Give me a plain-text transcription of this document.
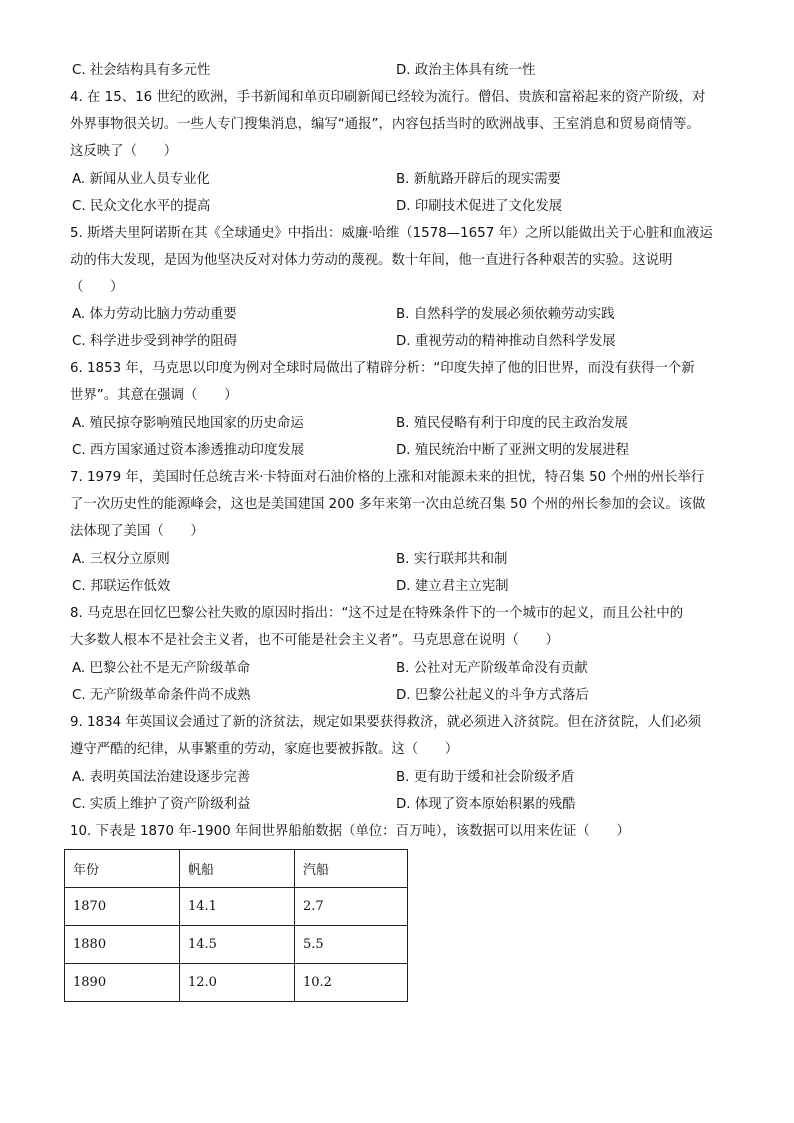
C. 社会结构具有多元性	D. 政治主体具有统一性
4. 在 15、16 世纪的欧洲，手书新闻和单页印刷新闻已经较为流行。僧侣、贵族和富裕起来的资产阶级，对
外界事物很关切。一些人专门搜集消息，编写“通报”，内容包括当时的欧洲战事、王室消息和贸易商情等。
这反映了（　　）
A. 新闻从业人员专业化	B. 新航路开辟后的现实需要
C. 民众文化水平的提高	D. 印刷技术促进了文化发展
5. 斯塔夫里阿诺斯在其《全球通史》中指出：威廉·哈维（1578—1657 年）之所以能做出关于心脏和血液运
动的伟大发现，是因为他坚决反对对体力劳动的蔑视。数十年间，他一直进行各种艰苦的实验。这说明
（　　）
A. 体力劳动比脑力劳动重要	B. 自然科学的发展必须依赖劳动实践
C. 科学进步受到神学的阻碍	D. 重视劳动的精神推动自然科学发展
6. 1853 年，马克思以印度为例对全球时局做出了精辟分析：“印度失掉了他的旧世界，而没有获得一个新
世界”。其意在强调（　　）
A. 殖民掠夺影响殖民地国家的历史命运	B. 殖民侵略有利于印度的民主政治发展
C. 西方国家通过资本渗透推动印度发展	D. 殖民统治中断了亚洲文明的发展进程
7. 1979 年，美国时任总统吉米·卡特面对石油价格的上涨和对能源未来的担忧，特召集 50 个州的州长举行
了一次历史性的能源峰会，这也是美国建国 200 多年来第一次由总统召集 50 个州的州长参加的会议。该做
法体现了美国（　　）
A. 三权分立原则	B. 实行联邦共和制
C. 邦联运作低效	D. 建立君主立宪制
8. 马克思在回忆巴黎公社失败的原因时指出：“这不过是在特殊条件下的一个城市的起义，而且公社中的
大多数人根本不是社会主义者，也不可能是社会主义者”。马克思意在说明（　　）
A. 巴黎公社不是无产阶级革命	B. 公社对无产阶级革命没有贡献
C. 无产阶级革命条件尚不成熟	D. 巴黎公社起义的斗争方式落后
9. 1834 年英国议会通过了新的济贫法，规定如果要获得救济，就必须进入济贫院。但在济贫院，人们必须
遵守严酷的纪律，从事繁重的劳动，家庭也要被拆散。这（　　）
A. 表明英国法治建设逐步完善	B. 更有助于缓和社会阶级矛盾
C. 实质上维护了资产阶级利益	D. 体现了资本原始积累的残酷
10. 下表是 1870 年-1900 年间世界船舶数据（单位：百万吨），该数据可以用来佐证（　　）
年份	帆船	汽船
1870	14.1	2.7
1880	14.5	5.5
1890	12.0	10.2
